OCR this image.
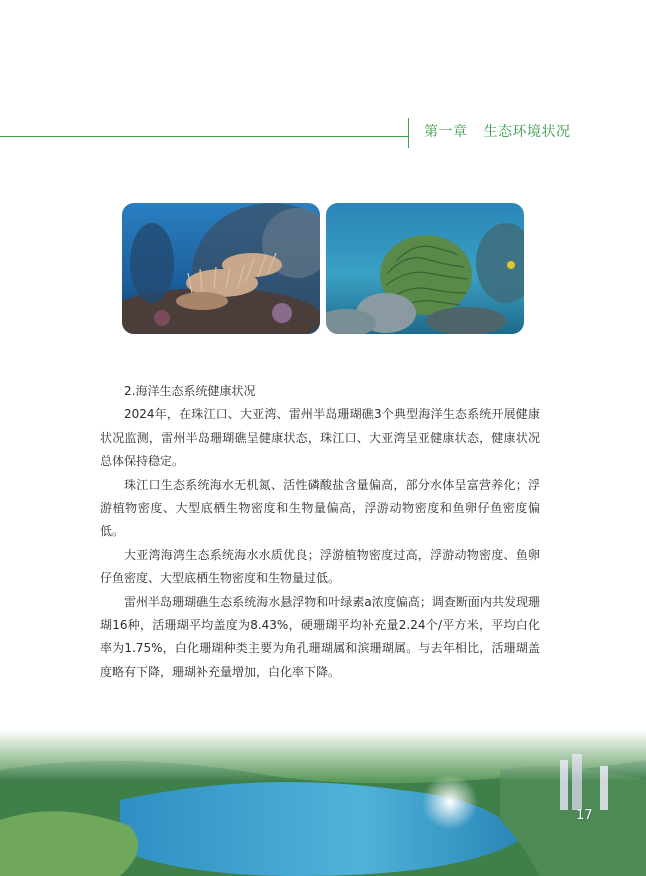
第一章 生态环境状况

2.海洋生态系统健康状况

2024年，在珠江口、大亚湾、雷州半岛珊瑚礁3个典型海洋生态系统开展健康状况监测，雷州半岛珊瑚礁呈健康状态，珠江口、大亚湾呈亚健康状态，健康状况总体保持稳定。

珠江口生态系统海水无机氮、活性磷酸盐含量偏高，部分水体呈富营养化；浮游植物密度、大型底栖生物密度和生物量偏高，浮游动物密度和鱼卵仔鱼密度偏低。

大亚湾海湾生态系统海水水质优良；浮游植物密度过高，浮游动物密度、鱼卵仔鱼密度、大型底栖生物密度和生物量过低。

雷州半岛珊瑚礁生态系统海水悬浮物和叶绿素a浓度偏高；调查断面内共发现珊瑚16种，活珊瑚平均盖度为8.43%，硬珊瑚平均补充量2.24个/平方米，平均白化率为1.75%，白化珊瑚种类主要为角孔珊瑚属和滨珊瑚属。与去年相比，活珊瑚盖度略有下降，珊瑚补充量增加，白化率下降。

17
